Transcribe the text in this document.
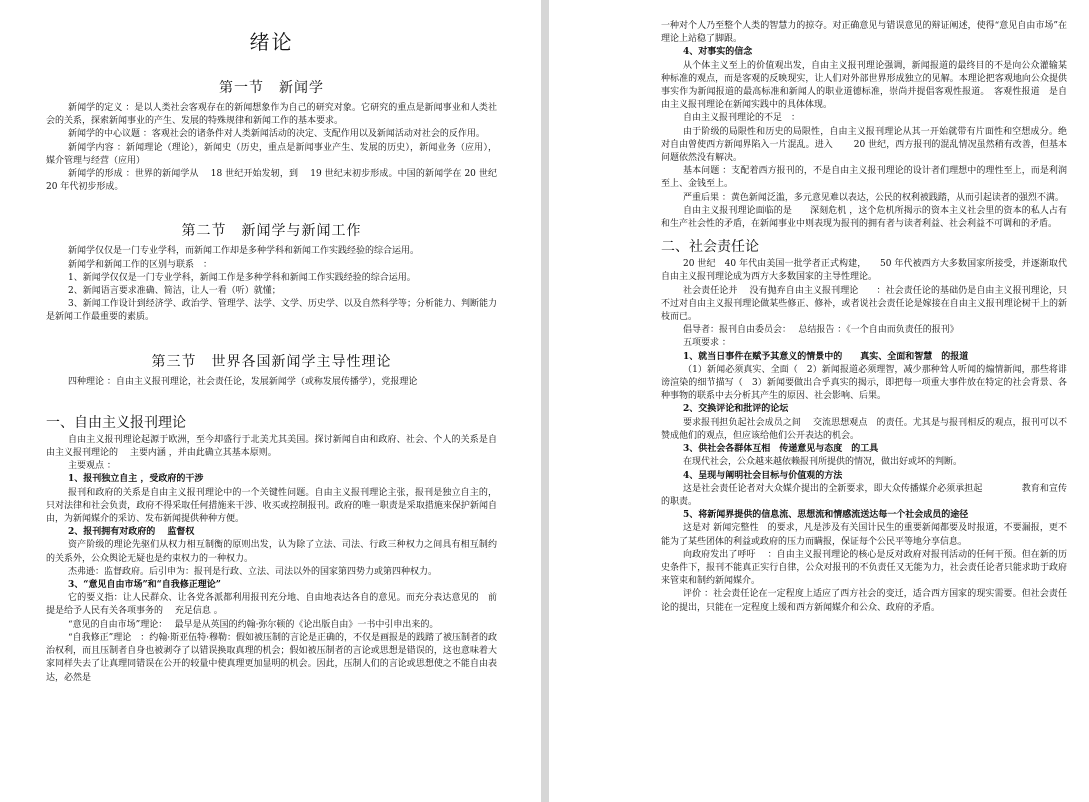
绪论
第一节　新闻学

新闻学的定义 ：是以人类社会客观存在的新闻想象作为自己的研究对象。它研究的重点是新闻事业和人类社会的关系，探索新闻事业的产生、发展的特殊规律和新闻工作的基本要求。

新闻学的中心议题 ：客观社会的诸条件对人类新闻活动的决定、支配作用以及新闻活动对社会的反作用。

新闻学内容 ：新闻理论（理论），新闻史（历史，重点是新闻事业产生、发展的历史），新闻业务（应用），媒介管理与经营（应用）

新闻学的形成 ：世界的新闻学从　 18 世纪开始发轫，到　 19 世纪末初步形成。中国的新闻学在 20 世纪 20 年代初步形成。

第二节　新闻学与新闻工作

新闻学仅仅是一门专业学科，而新闻工作却是多种学科和新闻工作实践经验的综合运用。

新闻学和新闻工作的区别与联系　：

1、新闻学仅仅是一门专业学科，新闻工作是多种学科和新闻工作实践经验的综合运用。

2、新闻语言要求准确、简洁，让人一看（听）就懂；

3、新闻工作设计到经济学、政治学、管理学、法学、文学、历史学、以及自然科学等；分析能力、判断能力是新闻工作最重要的素质。

第三节　世界各国新闻学主导性理论

四种理论 ：自由主义报刊理论，社会责任论，发展新闻学（或称发展传播学），党报理论

一、自由主义报刊理论

自由主义报刊理论起源于欧洲，至今却盛行于北美尤其美国。探讨新闻自由和政府、社会、个人的关系是自由主义报刊理论的　 主要内涵 ，并由此确立其基本原则。

主要观点 ：

1、报刊独立自主 ，受政府的干涉

报刊和政府的关系是自由主义报刊理论中的一个关键性问题。自由主义报刊理论主张，报刊是独立自主的，只对法律和社会负责，政府不得采取任何措施来干涉、收买或控制报刊。政府的唯一职责是采取措施来保护新闻自由，为新闻媒介的采访、发布新闻提供种种方便。

2、报刊拥有对政府的　 监督权

资产阶级的理论先驱们从权力相互制衡的原则出发，认为除了立法、司法、行政三种权力之间具有相互制约的关系外，公众舆论无疑也是约束权力的一种权力。

杰弗逊：监督政府。后引申为：报刊是行政、立法、司法以外的国家第四势力或第四种权力。

3、“意见自由市场”和“自我修正理论”

它的要义指：让人民群众、让各党各派都利用报刊充分地、自由地表达各自的意见。而充分表达意见的　前提是给予人民有关各项事务的　 充足信息 。

“意见的自由市场”理论：　 最早是从英国的约翰·弥尔顿的《论出版自由》一书中引申出来的。

“自我修正”理论　：约翰·斯亚伍特·穆勒：假如被压制的言论是正确的，不仅是画报是的践踏了被压制者的政治权利，而且压制者自身也被剥夺了以错误换取真理的机会；假如被压制者的言论或思想是错误的，这也意味着大家同样失去了让真理同错误在公开的较量中使真理更加显明的机会。因此，压制人们的言论或思想使之不能自由表达，必然是

一种对个人乃至整个人类的智慧力的掠夺。对正确意见与错误意见的辩证阐述，使得“意见自由市场”在理论上站稳了脚跟。

4、对事实的信念

从个体主义至上的价值观出发，自由主义报刊理论强调，新闻报道的最终目的不是向公众灌输某种标准的观点，而是客观的反映现实，让人们对外部世界形成独立的见解。本理论把客观地向公众提供事实作为新闻报道的最高标准和新闻人的职业道德标准，崇尚并提倡客观性报道。　客观性报道　是自由主义报刊理论在新闻实践中的具体体现。

自由主义报刊理论的不足　：

由于阶级的局限性和历史的局限性，自由主义报刊理论从其一开始就带有片面性和空想成分。绝对自由曾使西方新闻界陷入一片混乱。进入　　 20 世纪，西方报刊的混乱情况虽然稍有改善，但基本问题依然没有解决。

基本问题 ：支配着西方报刊的，不是自由主义报刊理论的设计者们理想中的理性至上，而是利润至上、金钱至上。

严重后果 ：黄色新闻泛滥，多元意见难以表达，公民的权利被践踏，从而引起读者的强烈不满。

自由主义报刊理论面临的是　　深刻危机 ，这个危机所揭示的资本主义社会里的资本的私人占有和生产社会性的矛盾，在新闻事业中则表现为报刊的拥有者与读者利益、社会利益不可调和的矛盾。

二、社会责任论

20 世纪　40 年代由美国一批学者正式构建，　　50 年代被西方大多数国家所接受，并逐渐取代自由主义报刊理论成为西方大多数国家的主导性理论。

社会责任论并　 没有抛弃自由主义报刊理论　　：社会责任论的基础仍是自由主义报刊理论，只不过对自由主义报刊理论做某些修正、修补，或者说社会责任论是嫁接在自由主义报刊理论树干上的新枝而已。

倡导者：报刊自由委员会：　 总结报告 ：《一个自由而负责任的报刊》

五项要求 ：

1、就当日事件在赋予其意义的情景中的　　真实、全面和智慧　的报道

（1）新闻必须真实、全面（　2）新闻报道必须理智，减少那种耸人听闻的煽情新闻，那些将诽谤渲染的细节描写（　3）新闻要做出合乎真实的揭示，即把每一项重大事件放在特定的社会背景、各种事物的联系中去分析其产生的原因、社会影响、后果。

2、交换评论和批评的论坛

要求报刊担负起社会成员之间　 交流思想观点　的责任。尤其是与报刊相反的观点，报刊可以不赞成他们的观点，但应该给他们公开表达的机会。

3、供社会各群体互相　传递意见与态度　的工具

在现代社会，公众越来越依赖报刊所提供的情况，做出好或坏的判断。

4、呈现与阐明社会目标与价值观的方法

这是社会责任论者对大众媒介提出的全新要求，即大众传播媒介必须承担起　　　　 教育和宣传的职责。

5、将新闻界提供的信息流、思想流和情感流送达每一个社会成员的途径

这是对 新闻完整性　的要求，凡是涉及有关国计民生的重要新闻都要及时报道，不要漏报，更不能为了某些团体的利益或政府的压力而瞒报，保证每个公民平等地分享信息。

向政府发出了呼吁　 ：自由主义报刊理论的核心是反对政府对报刊活动的任何干预。但在新的历史条件下，报刊不能真正实行自律，公众对报刊的不负责任又无能为力，社会责任论者只能求助于政府来管束和制约新闻媒介。

评价 ：社会责任论在一定程度上适应了西方社会的变迁，适合西方国家的现实需要。但社会责任论的提出，只能在一定程度上缓和西方新闻媒介和公众、政府的矛盾。
